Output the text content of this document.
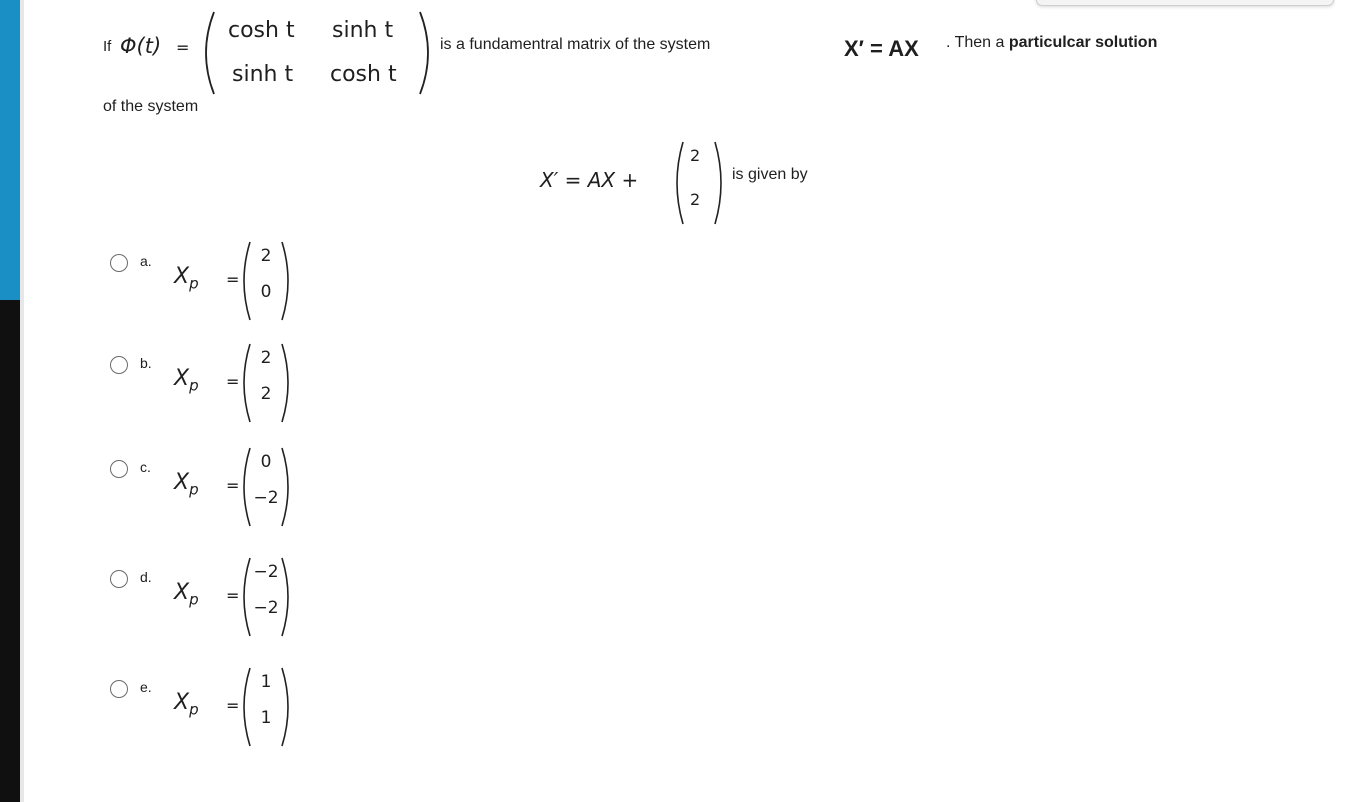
If Φ(t) =
cosh t sinh t
sinh t cosh t
is a fundamentral matrix of the system	X′ = AX . Then a particulcar solution
of the system
X′ = AX +
2
2
is given by
a.
$X_p$ =
2
0
b.
$X_p$ =
2
2
c.
$X_p$ =
0
−2
d.
$X_p$ =
−2
−2
e.
$X_p$ =
1
1
